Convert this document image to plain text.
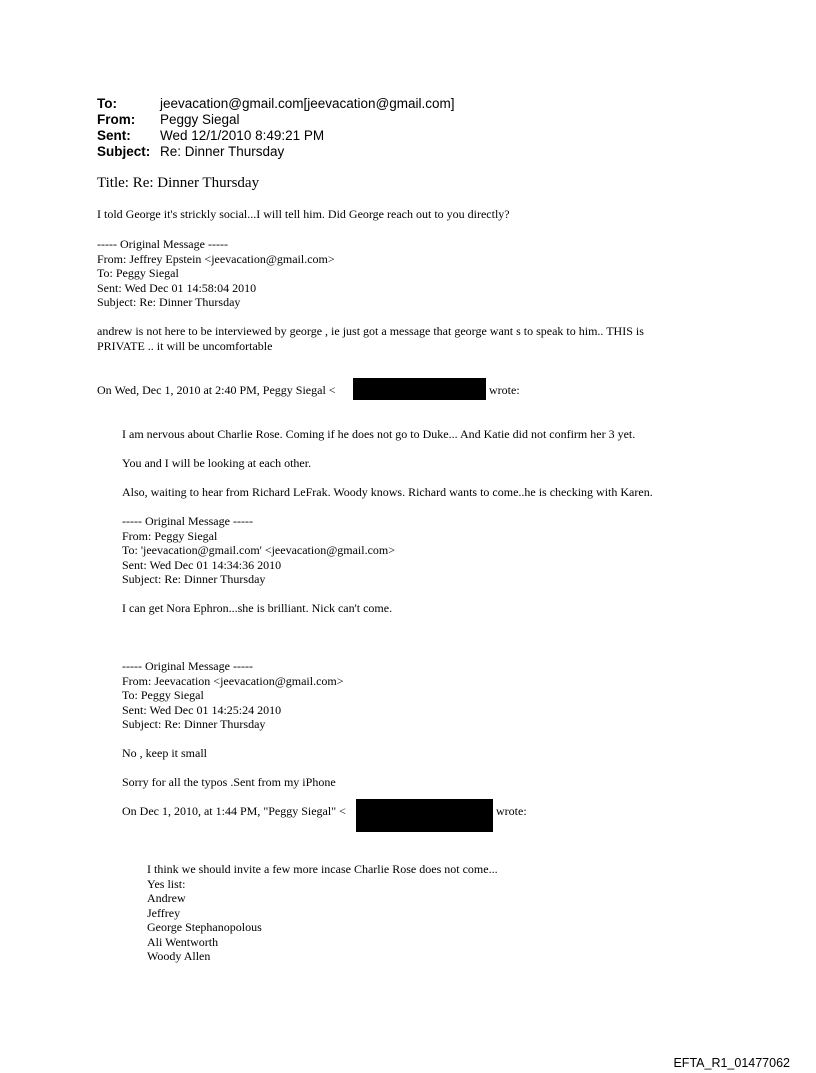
To:	jeevacation@gmail.com[jeevacation@gmail.com]
From: Peggy Siegal
Sent: Wed 12/1/2010 8:49:21 PM
Subject: Re: Dinner Thursday
Title: Re: Dinner Thursday
I told George it's strickly social...I will tell him. Did George reach out to you directly?
----- Original Message -----
From: Jeffrey Epstein <jeevacation@gmail.com>
To: Peggy Siegal
Sent: Wed Dec 01 14:58:04 2010
Subject: Re: Dinner Thursday
andrew is not here to be interviewed by george , ie just got a message that george want s to speak to him.. THIS is
PRIVATE .. it will be uncomfortable
On Wed, Dec 1, 2010 at 2:40 PM, Peggy Siegal <	wrote:
I am nervous about Charlie Rose. Coming if he does not go to Duke... And Katie did not confirm her 3 yet.
You and I will be looking at each other.
Also, waiting to hear from Richard LeFrak. Woody knows. Richard wants to come..he is checking with Karen.
----- Original Message -----
From: Peggy Siegal
To: 'jeevacation@gmail.com' <jeevacation@gmail.com>
Sent: Wed Dec 01 14:34:36 2010
Subject: Re: Dinner Thursday
I can get Nora Ephron...she is brilliant. Nick can't come.
----- Original Message -----
From: Jeevacation <jeevacation@gmail.com>
To: Peggy Siegal
Sent: Wed Dec 01 14:25:24 2010
Subject: Re: Dinner Thursday
No , keep it small
Sorry for all the typos .Sent from my iPhone
On Dec 1, 2010, at 1:44 PM, "Peggy Siegal" <	wrote:
I think we should invite a few more incase Charlie Rose does not come...
Yes list:
Andrew
Jeffrey
George Stephanopolous
Ali Wentworth
Woody Allen
EFTA_R1_01477062
